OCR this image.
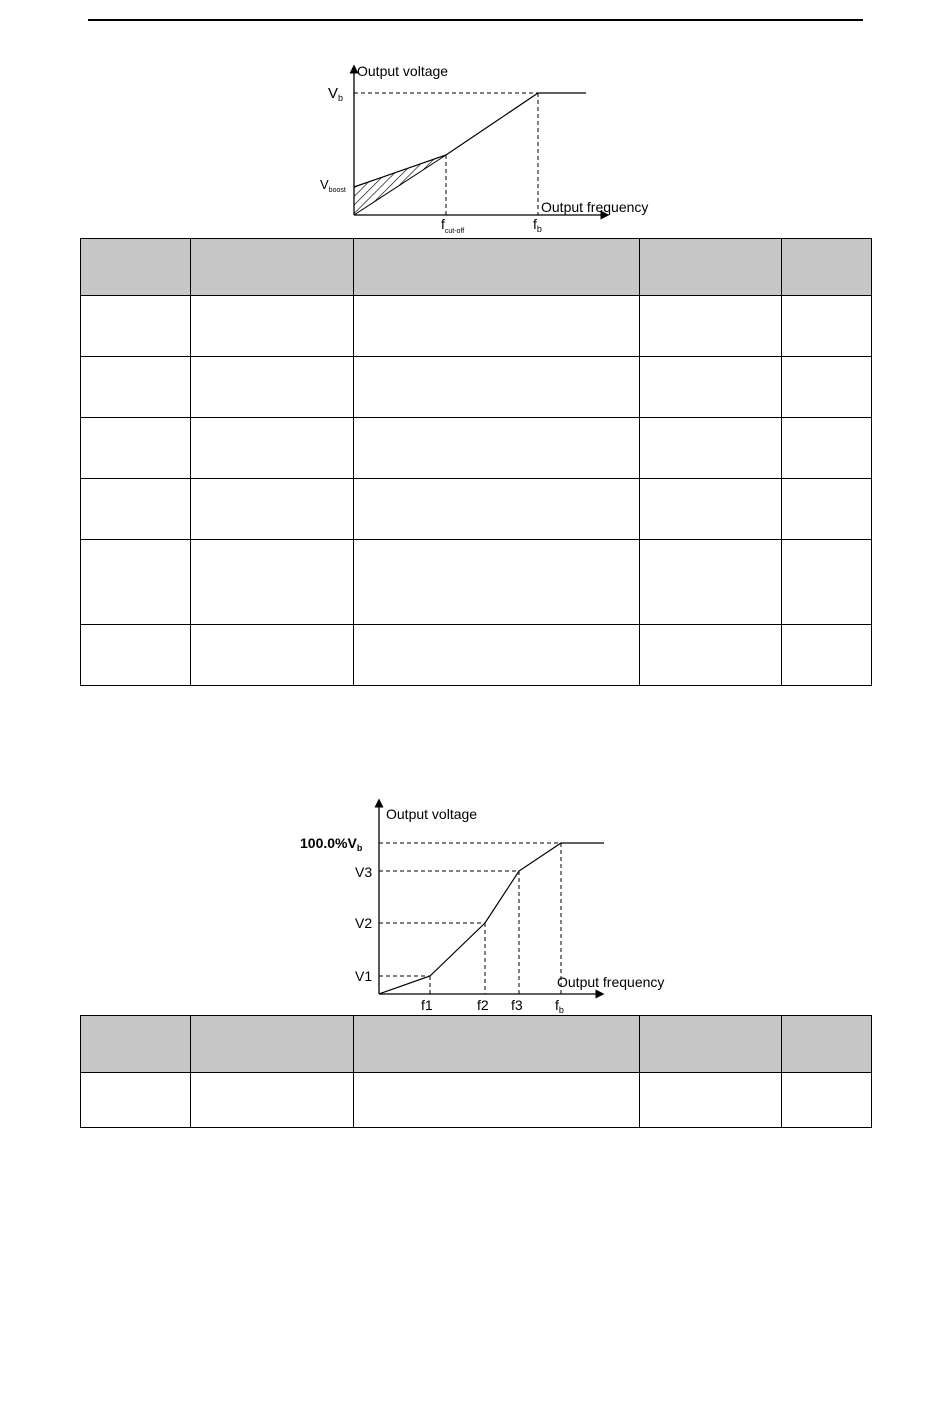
Output voltage
Output frequency
$V_b$
$V_{boost}$
$f_{cut-off}$	$f_b$

Output voltage
Output frequency
$100.0\%V_b$
V3
V2
V1
f1	f2 f3 $f_b$
